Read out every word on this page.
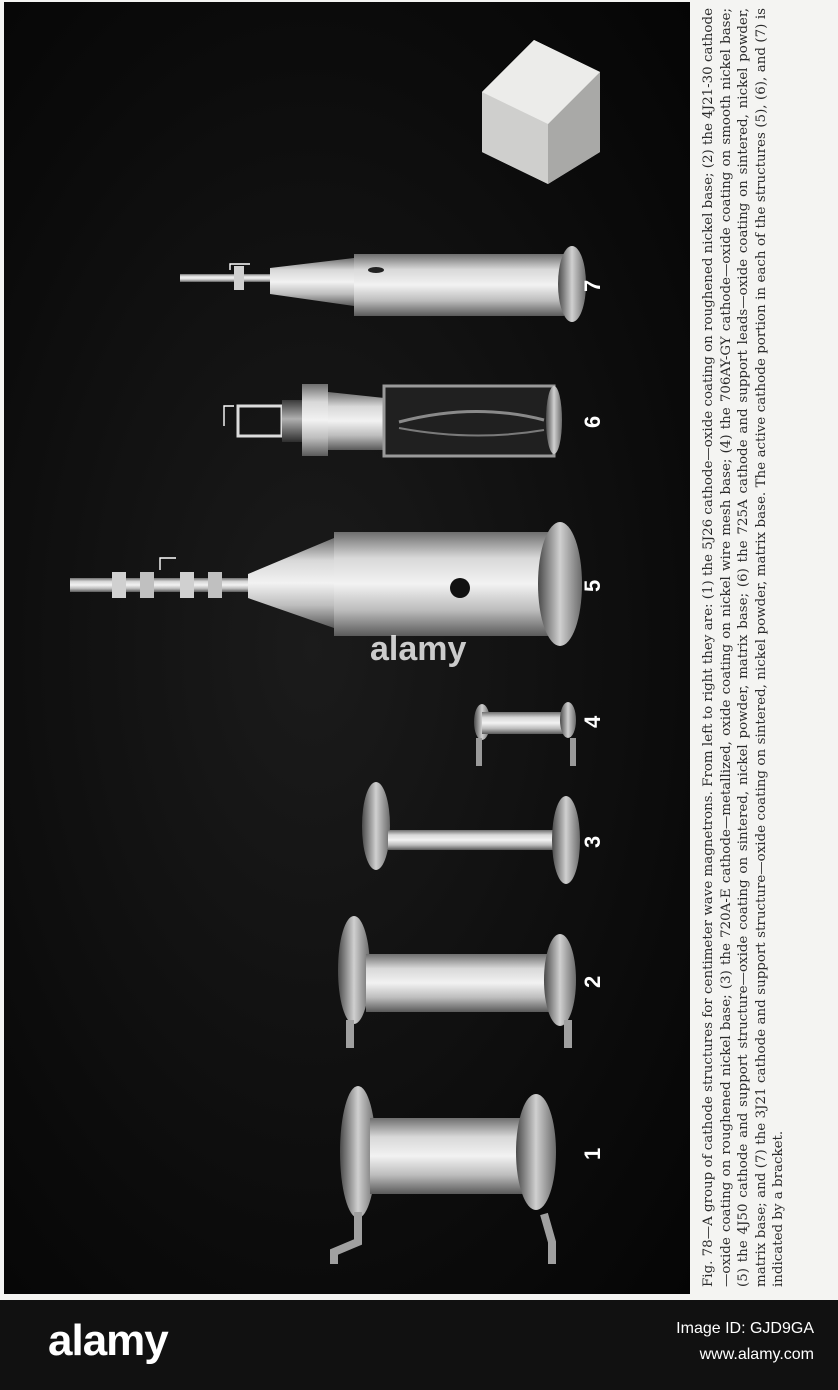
1
2
3
4
5
6
7
alamy	Fig. 78—A group of cathode structures for centimeter wave magnetrons. From left to right they are: (1) the 5J26 cathode—oxide coating on roughened nickel base; (2) the 4J21-30 cathode—oxide coating on roughened nickel base; (3) the 720A-E cathode—metallized, oxide coating on nickel wire mesh base; (4) the 706AY-GY cathode—oxide coating on smooth nickel base; (5) the 4J50 cathode and support structure—oxide coating on sintered, nickel powder, matrix base; (6) the 725A cathode and support leads—oxide coating on sintered, nickel powder, matrix base; and (7) the 3J21 cathode and support structure—oxide coating on sintered, nickel powder, matrix base. The active cathode portion in each of the structures (5), (6), and (7) is indicated by a bracket.
alamy	Image ID: GJD9GA
www.alamy.com
